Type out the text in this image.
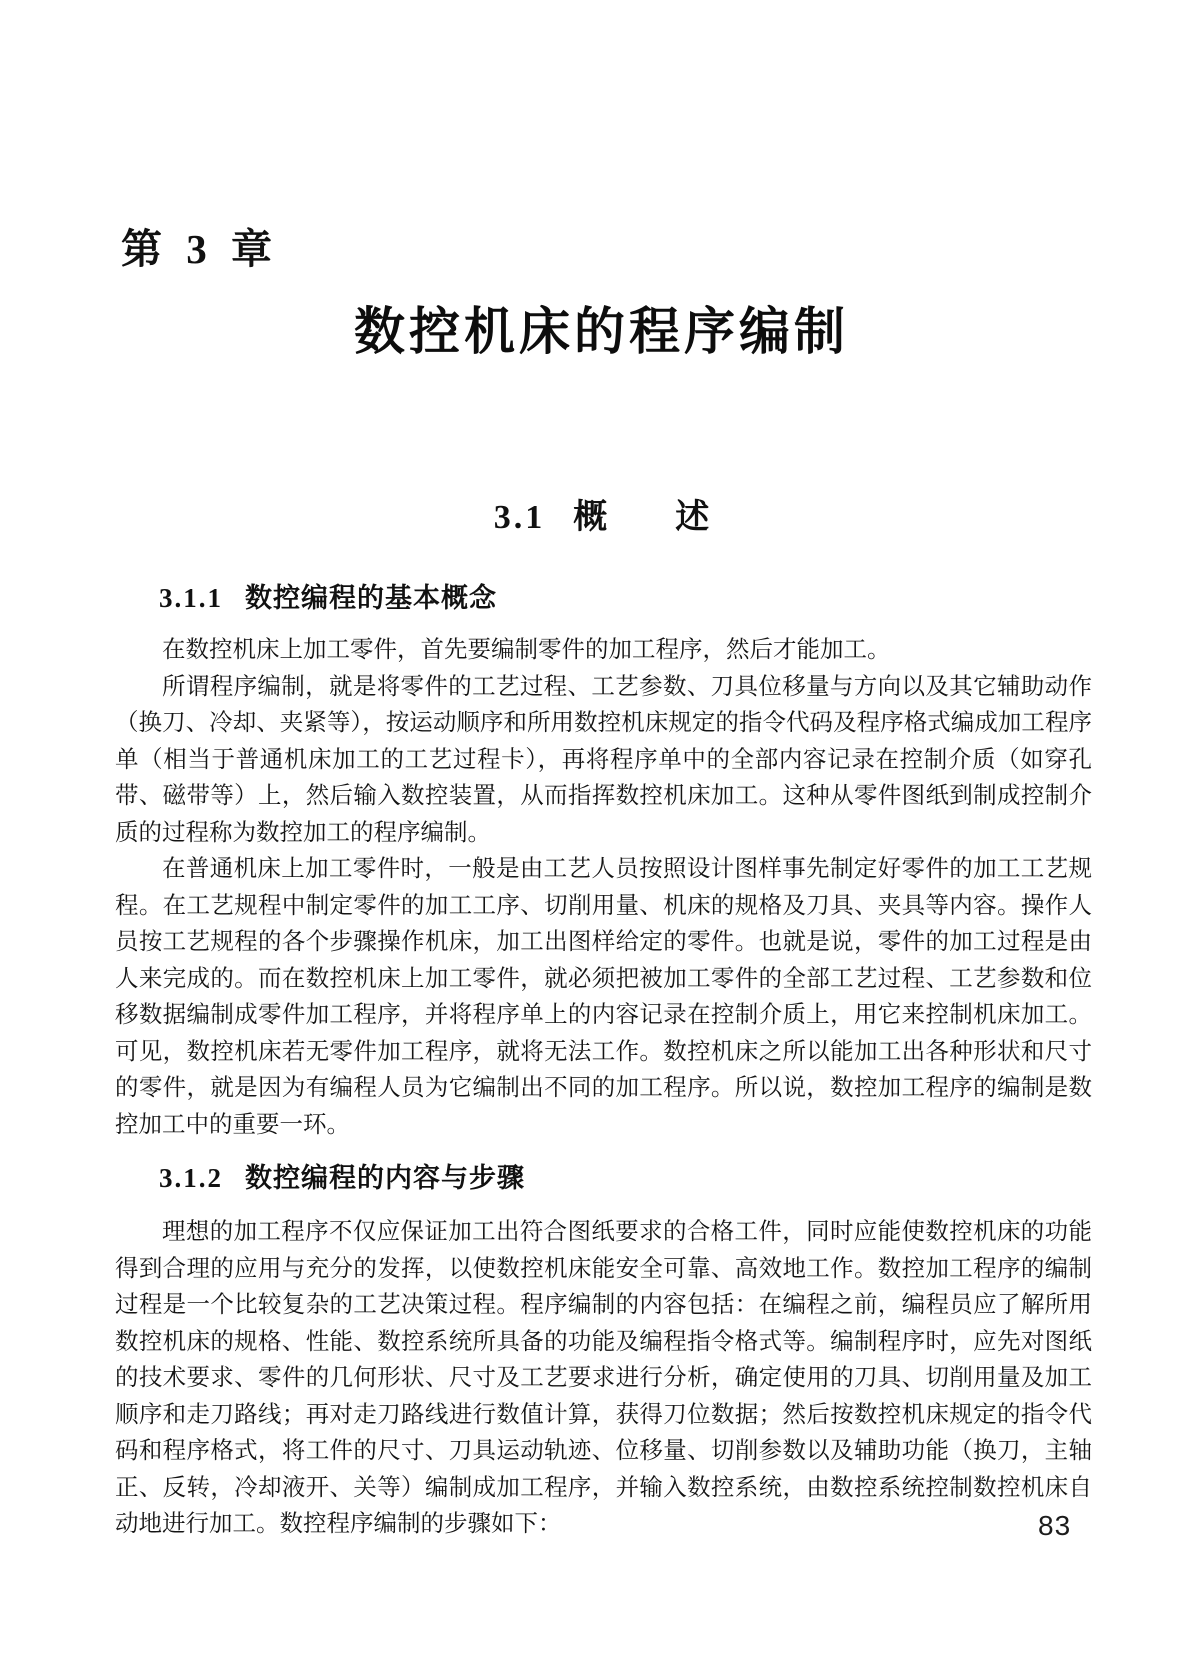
第 3 章
数控机床的程序编制
3.1 概　　述
3.1.1 数控编程的基本概念

在数控机床上加工零件，首先要编制零件的加工程序，然后才能加工。

所谓程序编制，就是将零件的工艺过程、工艺参数、刀具位移量与方向以及其它辅助动作（换刀、冷却、夹紧等），按运动顺序和所用数控机床规定的指令代码及程序格式编成加工程序单（相当于普通机床加工的工艺过程卡），再将程序单中的全部内容记录在控制介质（如穿孔带、磁带等）上，然后输入数控装置，从而指挥数控机床加工。这种从零件图纸到制成控制介质的过程称为数控加工的程序编制。

在普通机床上加工零件时，一般是由工艺人员按照设计图样事先制定好零件的加工工艺规程。在工艺规程中制定零件的加工工序、切削用量、机床的规格及刀具、夹具等内容。操作人员按工艺规程的各个步骤操作机床，加工出图样给定的零件。也就是说，零件的加工过程是由人来完成的。而在数控机床上加工零件，就必须把被加工零件的全部工艺过程、工艺参数和位移数据编制成零件加工程序，并将程序单上的内容记录在控制介质上，用它来控制机床加工。可见，数控机床若无零件加工程序，就将无法工作。数控机床之所以能加工出各种形状和尺寸的零件，就是因为有编程人员为它编制出不同的加工程序。所以说，数控加工程序的编制是数控加工中的重要一环。

3.1.2 数控编程的内容与步骤

理想的加工程序不仅应保证加工出符合图纸要求的合格工件，同时应能使数控机床的功能得到合理的应用与充分的发挥，以使数控机床能安全可靠、高效地工作。数控加工程序的编制过程是一个比较复杂的工艺决策过程。程序编制的内容包括：在编程之前，编程员应了解所用数控机床的规格、性能、数控系统所具备的功能及编程指令格式等。编制程序时，应先对图纸的技术要求、零件的几何形状、尺寸及工艺要求进行分析，确定使用的刀具、切削用量及加工顺序和走刀路线；再对走刀路线进行数值计算，获得刀位数据；然后按数控机床规定的指令代码和程序格式，将工件的尺寸、刀具运动轨迹、位移量、切削参数以及辅助功能（换刀，主轴正、反转，冷却液开、关等）编制成加工程序，并输入数控系统，由数控系统控制数控机床自动地进行加工。数控程序编制的步骤如下：	83
